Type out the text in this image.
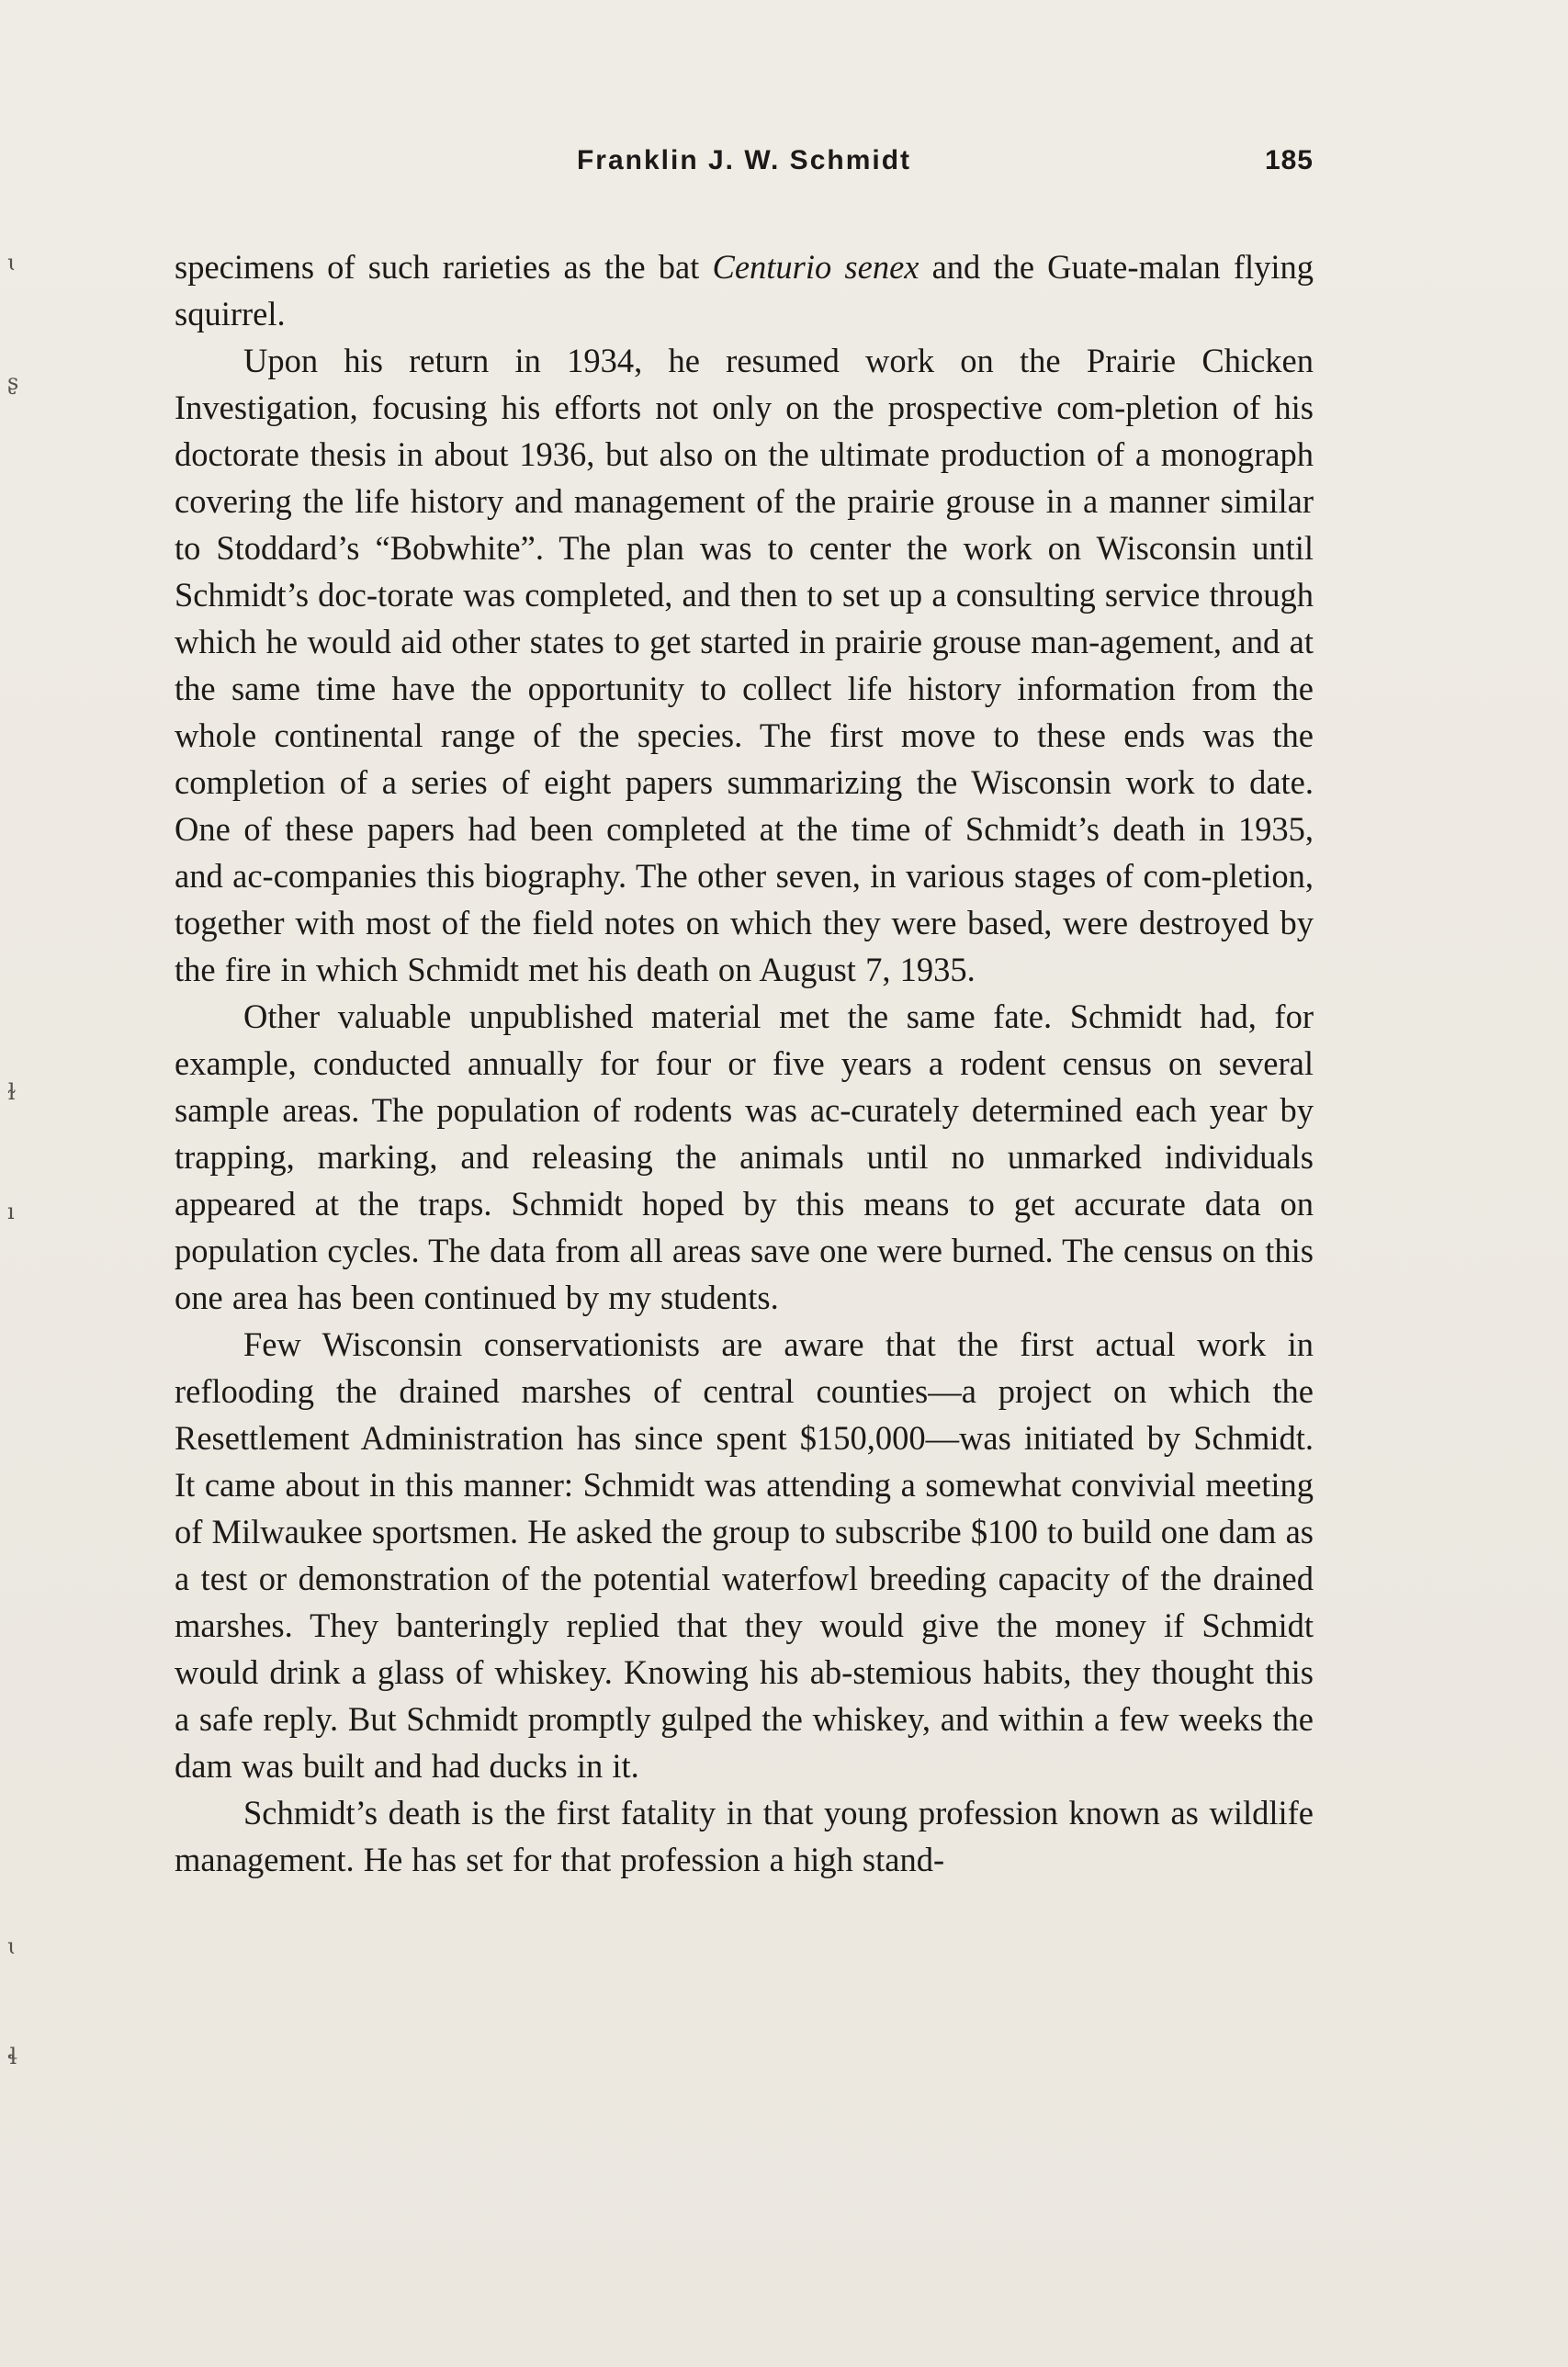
Franklin J. W. Schmidt	185
ɩ
ʂ
ɫ
ı
ɩ
ɬ

specimens of such rarieties as the bat Centurio senex and the Guate-malan flying squirrel.

Upon his return in 1934, he resumed work on the Prairie Chicken Investigation, focusing his efforts not only on the prospective com-pletion of his doctorate thesis in about 1936, but also on the ultimate production of a monograph covering the life history and management of the prairie grouse in a manner similar to Stoddard’s “Bobwhite”. The plan was to center the work on Wisconsin until Schmidt’s doc-torate was completed, and then to set up a consulting service through which he would aid other states to get started in prairie grouse man-agement, and at the same time have the opportunity to collect life history information from the whole continental range of the species. The first move to these ends was the completion of a series of eight papers summarizing the Wisconsin work to date. One of these papers had been completed at the time of Schmidt’s death in 1935, and ac-companies this biography. The other seven, in various stages of com-pletion, together with most of the field notes on which they were based, were destroyed by the fire in which Schmidt met his death on August 7, 1935.

Other valuable unpublished material met the same fate. Schmidt had, for example, conducted annually for four or five years a rodent census on several sample areas. The population of rodents was ac-curately determined each year by trapping, marking, and releasing the animals until no unmarked individuals appeared at the traps. Schmidt hoped by this means to get accurate data on population cycles. The data from all areas save one were burned. The census on this one area has been continued by my students.

Few Wisconsin conservationists are aware that the first actual work in reflooding the drained marshes of central counties—a project on which the Resettlement Administration has since spent $150,000—was initiated by Schmidt. It came about in this manner: Schmidt was attending a somewhat convivial meeting of Milwaukee sportsmen. He asked the group to subscribe $100 to build one dam as a test or demonstration of the potential waterfowl breeding capacity of the drained marshes. They banteringly replied that they would give the money if Schmidt would drink a glass of whiskey. Knowing his ab-stemious habits, they thought this a safe reply. But Schmidt promptly gulped the whiskey, and within a few weeks the dam was built and had ducks in it.

Schmidt’s death is the first fatality in that young profession known as wildlife management. He has set for that profession a high stand-
